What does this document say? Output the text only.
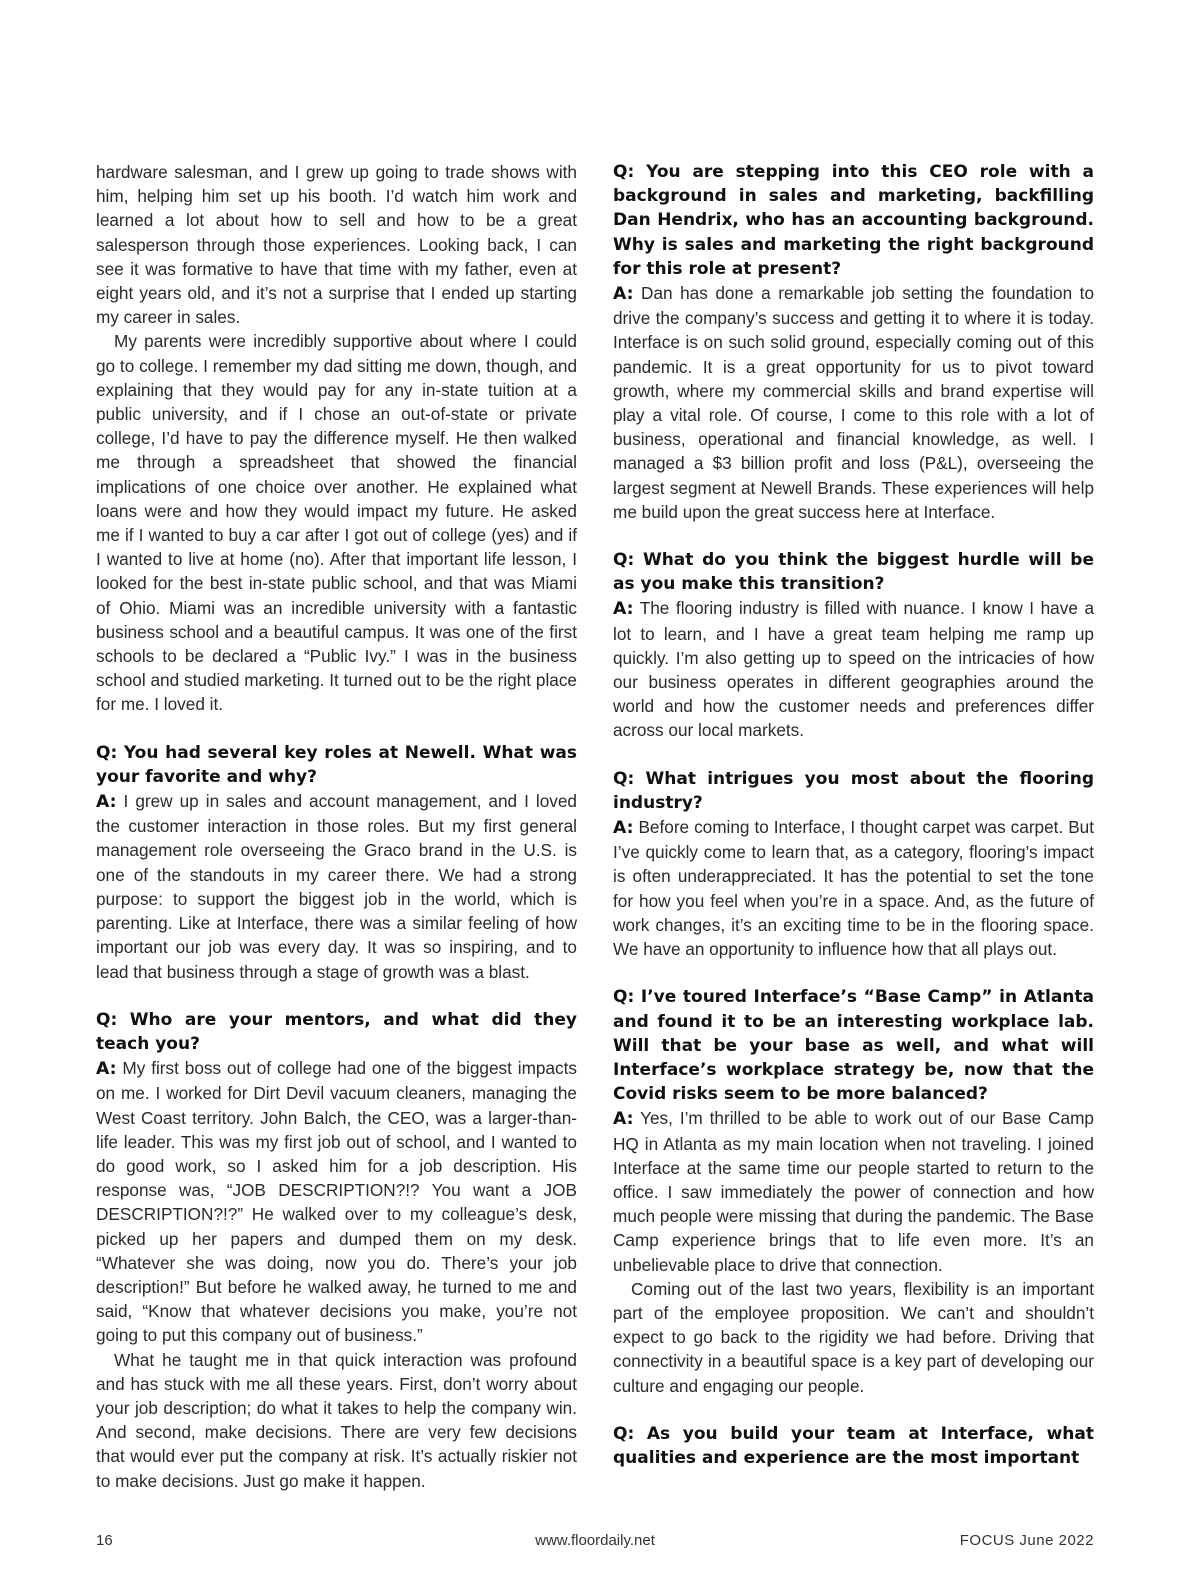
hardware salesman, and I grew up going to trade shows with him, helping him set up his booth. I’d watch him work and learned a lot about how to sell and how to be a great salesperson through those experiences. Looking back, I can see it was formative to have that time with my father, even at eight years old, and it’s not a surprise that I ended up starting my career in sales.

My parents were incredibly supportive about where I could go to college. I remember my dad sitting me down, though, and explaining that they would pay for any in-state tuition at a public university, and if I chose an out-of-state or private college, I’d have to pay the difference myself. He then walked me through a spreadsheet that showed the financial implications of one choice over another. He explained what loans were and how they would impact my future. He asked me if I wanted to buy a car after I got out of college (yes) and if I wanted to live at home (no). After that important life lesson, I looked for the best in-state public school, and that was Miami of Ohio. Miami was an incredible university with a fantastic business school and a beautiful campus. It was one of the first schools to be declared a “Public Ivy.” I was in the business school and studied marketing. It turned out to be the right place for me. I loved it.

Q: You had several key roles at Newell. What was your favorite and why?

A: I grew up in sales and account management, and I loved the customer interaction in those roles. But my first general management role overseeing the Graco brand in the U.S. is one of the standouts in my career there. We had a strong purpose: to support the biggest job in the world, which is parenting. Like at Interface, there was a similar feeling of how important our job was every day. It was so inspiring, and to lead that business through a stage of growth was a blast.

Q: Who are your mentors, and what did they teach you?

A: My first boss out of college had one of the biggest impacts on me. I worked for Dirt Devil vacuum cleaners, managing the West Coast territory. John Balch, the CEO, was a larger-than-life leader. This was my first job out of school, and I wanted to do good work, so I asked him for a job description. His response was, “JOB DESCRIPTION?!? You want a JOB DESCRIPTION?!?” He walked over to my colleague’s desk, picked up her papers and dumped them on my desk. “Whatever she was doing, now you do. There’s your job description!” But before he walked away, he turned to me and said, “Know that whatever decisions you make, you’re not going to put this company out of business.”

What he taught me in that quick interaction was profound and has stuck with me all these years. First, don’t worry about your job description; do what it takes to help the company win. And second, make decisions. There are very few decisions that would ever put the company at risk. It’s actually riskier not to make decisions. Just go make it happen.

Q: You are stepping into this CEO role with a background in sales and marketing, backfilling Dan Hendrix, who has an accounting background. Why is sales and marketing the right background for this role at present?

A: Dan has done a remarkable job setting the foundation to drive the company’s success and getting it to where it is today. Interface is on such solid ground, especially coming out of this pandemic. It is a great opportunity for us to pivot toward growth, where my commercial skills and brand expertise will play a vital role. Of course, I come to this role with a lot of business, operational and financial knowledge, as well. I managed a $3 billion profit and loss (P&L), overseeing the largest segment at Newell Brands. These experiences will help me build upon the great success here at Interface.

Q: What do you think the biggest hurdle will be as you make this transition?

A: The flooring industry is filled with nuance. I know I have a lot to learn, and I have a great team helping me ramp up quickly. I’m also getting up to speed on the intricacies of how our business operates in different geographies around the world and how the customer needs and preferences differ across our local markets.

Q: What intrigues you most about the flooring industry?

A: Before coming to Interface, I thought carpet was carpet. But I’ve quickly come to learn that, as a category, flooring’s impact is often underappreciated. It has the potential to set the tone for how you feel when you’re in a space. And, as the future of work changes, it’s an exciting time to be in the flooring space. We have an opportunity to influence how that all plays out.

Q: I’ve toured Interface’s “Base Camp” in Atlanta and found it to be an interesting workplace lab. Will that be your base as well, and what will Interface’s workplace strategy be, now that the Covid risks seem to be more balanced?

A: Yes, I’m thrilled to be able to work out of our Base Camp HQ in Atlanta as my main location when not traveling. I joined Interface at the same time our people started to return to the office. I saw immediately the power of connection and how much people were missing that during the pandemic. The Base Camp experience brings that to life even more. It’s an unbelievable place to drive that connection.

Coming out of the last two years, flexibility is an important part of the employee proposition. We can’t and shouldn’t expect to go back to the rigidity we had before. Driving that connectivity in a beautiful space is a key part of developing our culture and engaging our people.

Q: As you build your team at Interface, what qualities and experience are the most important
16	www.floordaily.net	FOCUS June 2022
